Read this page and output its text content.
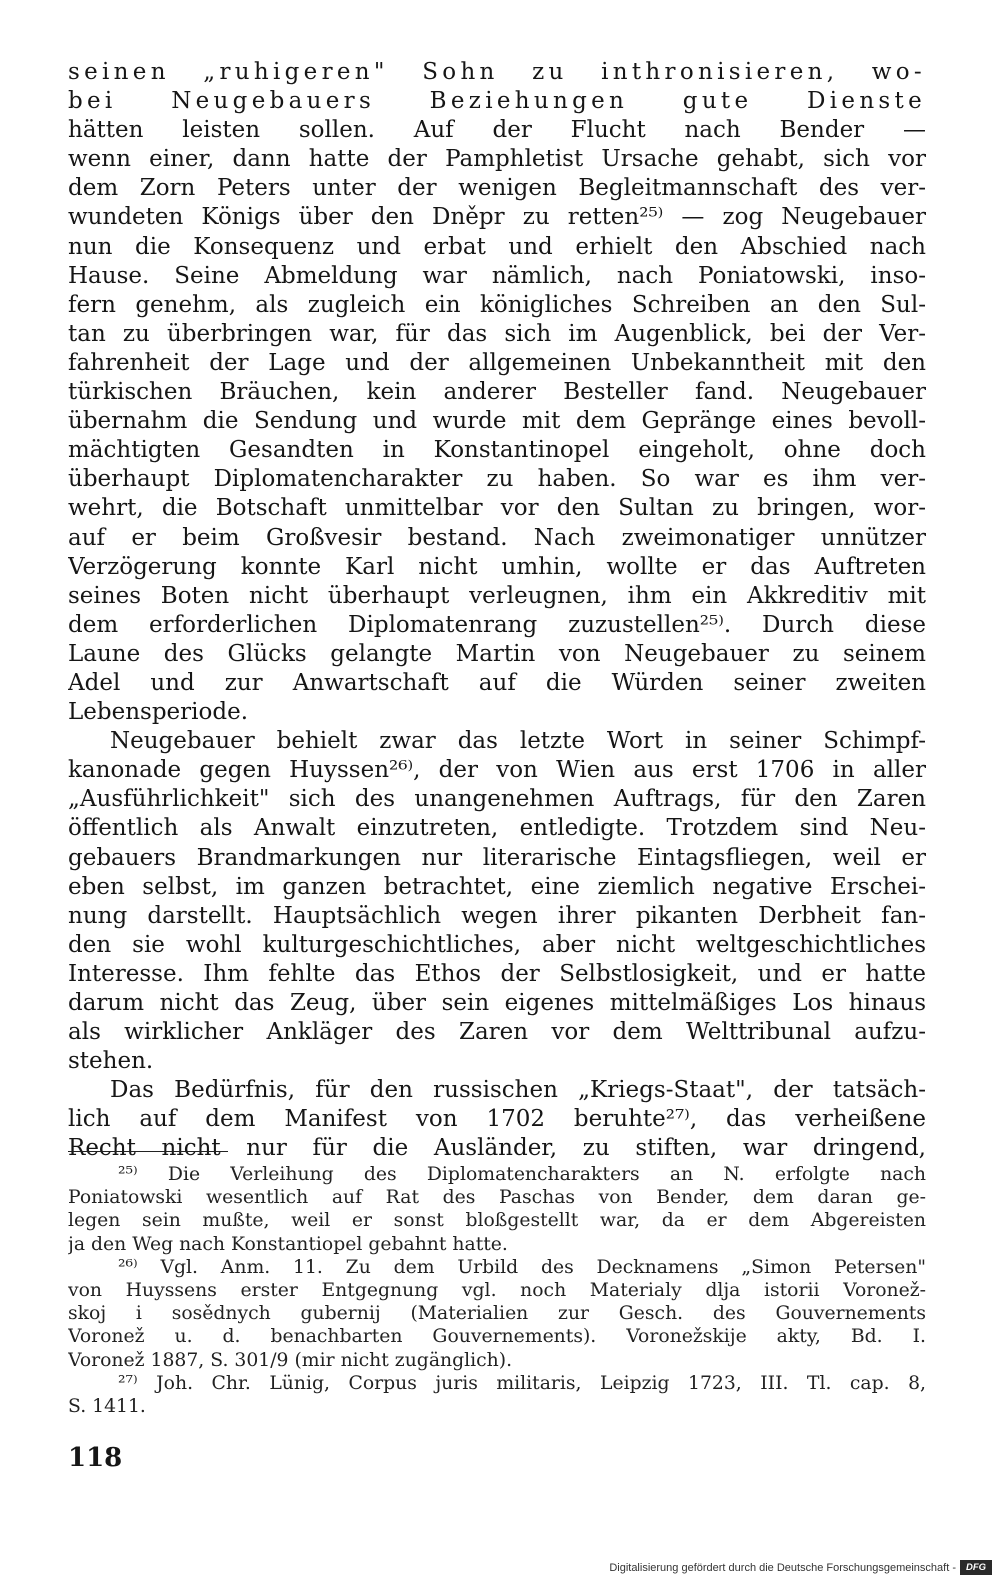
seinen „ruhigeren" Sohn zu inthronisieren, wo-
bei Neugebauers Beziehungen gute Dienste
hätten leisten sollen. Auf der Flucht nach Bender —
wenn einer, dann hatte der Pamphletist Ursache gehabt, sich vor
dem Zorn Peters unter der wenigen Begleitmannschaft des ver-
wundeten Königs über den Dněpr zu retten²⁵⁾ — zog Neugebauer
nun die Konsequenz und erbat und erhielt den Abschied nach
Hause. Seine Abmeldung war nämlich, nach Poniatowski, inso-
fern genehm, als zugleich ein königliches Schreiben an den Sul-
tan zu überbringen war, für das sich im Augenblick, bei der Ver-
fahrenheit der Lage und der allgemeinen Unbekanntheit mit den
türkischen Bräuchen, kein anderer Besteller fand. Neugebauer
übernahm die Sendung und wurde mit dem Gepränge eines bevoll-
mächtigten Gesandten in Konstantinopel eingeholt, ohne doch
überhaupt Diplomatencharakter zu haben. So war es ihm ver-
wehrt, die Botschaft unmittelbar vor den Sultan zu bringen, wor-
auf er beim Großvesir bestand. Nach zweimonatiger unnützer
Verzögerung konnte Karl nicht umhin, wollte er das Auftreten
seines Boten nicht überhaupt verleugnen, ihm ein Akkreditiv mit
dem erforderlichen Diplomatenrang zuzustellen²⁵⁾. Durch diese
Laune des Glücks gelangte Martin von Neugebauer zu seinem
Adel und zur Anwartschaft auf die Würden seiner zweiten
Lebensperiode.
Neugebauer behielt zwar das letzte Wort in seiner Schimpf-
kanonade gegen Huyssen²⁶⁾, der von Wien aus erst 1706 in aller
„Ausführlichkeit" sich des unangenehmen Auftrags, für den Zaren
öffentlich als Anwalt einzutreten, entledigte. Trotzdem sind Neu-
gebauers Brandmarkungen nur literarische Eintagsfliegen, weil er
eben selbst, im ganzen betrachtet, eine ziemlich negative Erschei-
nung darstellt. Hauptsächlich wegen ihrer pikanten Derbheit fan-
den sie wohl kulturgeschichtliches, aber nicht weltgeschichtliches
Interesse. Ihm fehlte das Ethos der Selbstlosigkeit, und er hatte
darum nicht das Zeug, über sein eigenes mittelmäßiges Los hinaus
als wirklicher Ankläger des Zaren vor dem Welttribunal aufzu-
stehen.
Das Bedürfnis, für den russischen „Kriegs-Staat", der tatsäch-
lich auf dem Manifest von 1702 beruhte²⁷⁾, das verheißene
Recht nicht nur für die Ausländer, zu stiften, war dringend,
²⁵⁾ Die Verleihung des Diplomatencharakters an N. erfolgte nach
Poniatowski wesentlich auf Rat des Paschas von Bender, dem daran ge-
legen sein mußte, weil er sonst bloßgestellt war, da er dem Abgereisten
ja den Weg nach Konstantiopel gebahnt hatte.
²⁶⁾ Vgl. Anm. 11. Zu dem Urbild des Decknamens „Simon Petersen"
von Huyssens erster Entgegnung vgl. noch Materialy dlja istorii Voronež-
skoj i sosědnych gubernij (Materialien zur Gesch. des Gouvernements
Voronež u. d. benachbarten Gouvernements). Voronežskije akty, Bd. I.
Voronež 1887, S. 301/9 (mir nicht zugänglich).
²⁷⁾ Joh. Chr. Lünig, Corpus juris militaris, Leipzig 1723, III. Tl. cap. 8,
S. 1411.
118
Digitalisierung gefördert durch die Deutsche Forschungsgemeinschaft -	DFG
